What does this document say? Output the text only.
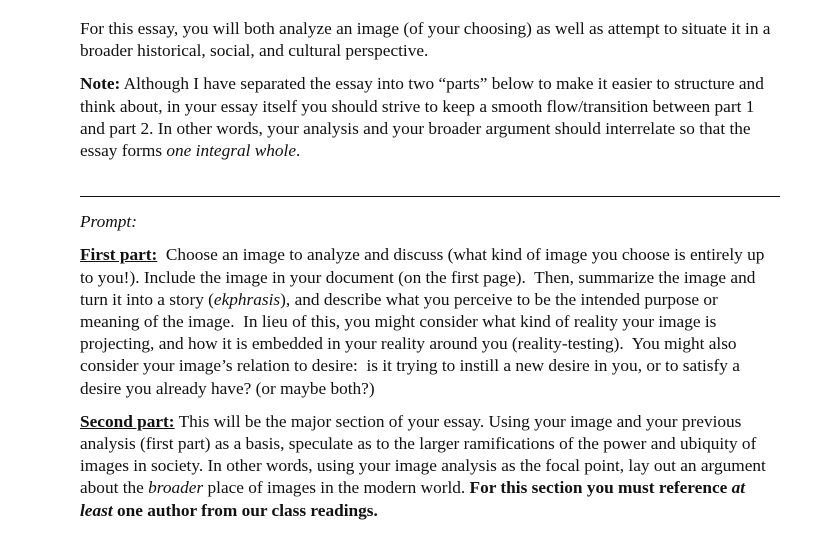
For this essay, you will both analyze an image (of your choosing) as well as attempt to situate it in a broader historical, social, and cultural perspective.

Note: Although I have separated the essay into two “parts” below to make it easier to structure and think about, in your essay itself you should strive to keep a smooth flow/transition between part 1 and part 2. In other words, your analysis and your broader argument should interrelate so that the essay forms one integral whole.

Prompt:

First part:  Choose an image to analyze and discuss (what kind of image you choose is entirely up to you!). Include the image in your document (on the first page).  Then, summarize the image and turn it into a story (ekphrasis), and describe what you perceive to be the intended purpose or meaning of the image.  In lieu of this, you might consider what kind of reality your image is projecting, and how it is embedded in your reality around you (reality-testing).  You might also consider your image’s relation to desire:  is it trying to instill a new desire in you, or to satisfy a desire you already have? (or maybe both?)

Second part: This will be the major section of your essay. Using your image and your previous analysis (first part) as a basis, speculate as to the larger ramifications of the power and ubiquity of images in society. In other words, using your image analysis as the focal point, lay out an argument about the broader place of images in the modern world. For this section you must reference at least one author from our class readings.
